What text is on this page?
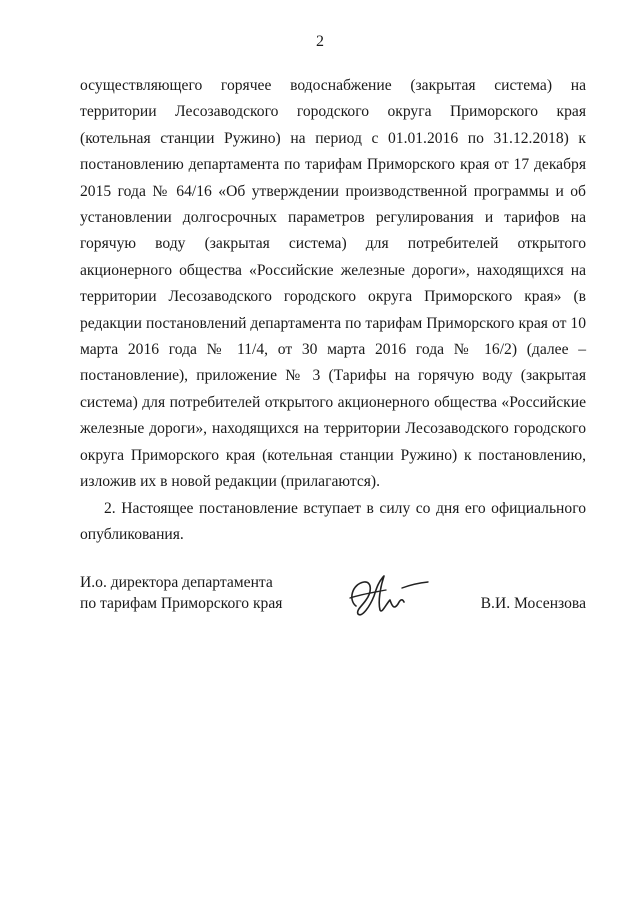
2

осуществляющего горячее водоснабжение (закрытая система) на территории Лесозаводского городского округа Приморского края (котельная станции Ружино) на период с 01.01.2016 по 31.12.2018) к постановлению департамента по тарифам Приморского края от 17 декабря 2015 года № 64/16 «Об утверждении производственной программы и об установлении долгосрочных параметров регулирования и тарифов на горячую воду (закрытая система) для потребителей открытого акционерного общества «Российские железные дороги», находящихся на территории Лесозаводского городского округа Приморского края» (в редакции постановлений департамента по тарифам Приморского края от 10 марта 2016 года № 11/4, от 30 марта 2016 года № 16/2) (далее – постановление), приложение № 3 (Тарифы на горячую воду (закрытая система) для потребителей открытого акционерного общества «Российские железные дороги», находящихся на территории Лесозаводского городского округа Приморского края (котельная станции Ружино) к постановлению, изложив их в новой редакции (прилагаются).

2. Настоящее постановление вступает в силу со дня его официального опубликования.

И.о. директора департамента
по тарифам Приморского края	В.И. Мосензова
